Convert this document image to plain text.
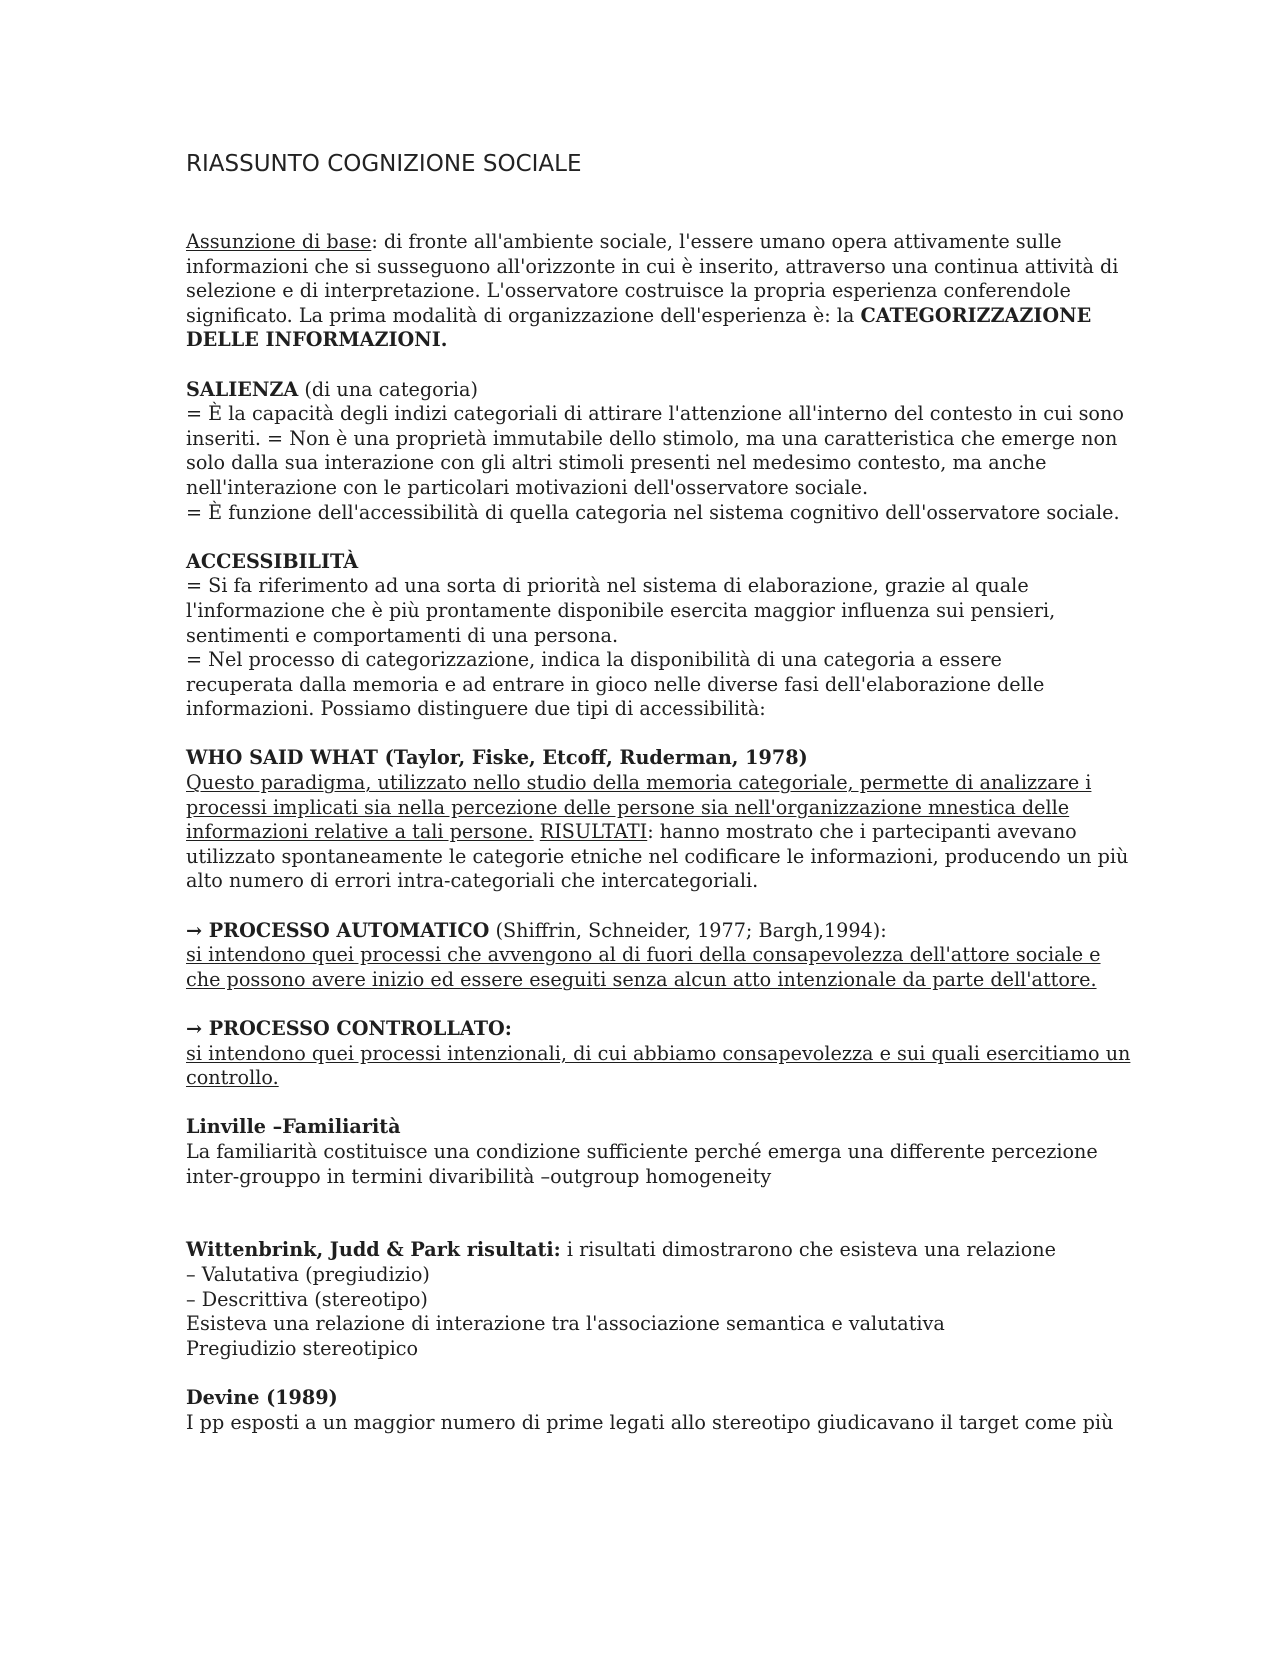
RIASSUNTO COGNIZIONE SOCIALE
Assunzione di base: di fronte all'ambiente sociale, l'essere umano opera attivamente sulle
informazioni che si susseguono all'orizzonte in cui è inserito, attraverso una continua attività di
selezione e di interpretazione. L'osservatore costruisce la propria esperienza conferendole
significato. La prima modalità di organizzazione dell'esperienza è: la CATEGORIZZAZIONE
DELLE INFORMAZIONI.
SALIENZA (di una categoria)
= È la capacità degli indizi categoriali di attirare l'attenzione all'interno del contesto in cui sono
inseriti. = Non è una proprietà immutabile dello stimolo, ma una caratteristica che emerge non
solo dalla sua interazione con gli altri stimoli presenti nel medesimo contesto, ma anche
nell'interazione con le particolari motivazioni dell'osservatore sociale.
= È funzione dell'accessibilità di quella categoria nel sistema cognitivo dell'osservatore sociale.
ACCESSIBILITÀ
= Si fa riferimento ad una sorta di priorità nel sistema di elaborazione, grazie al quale
l'informazione che è più prontamente disponibile esercita maggior influenza sui pensieri,
sentimenti e comportamenti di una persona.
= Nel processo di categorizzazione, indica la disponibilità di una categoria a essere
recuperata dalla memoria e ad entrare in gioco nelle diverse fasi dell'elaborazione delle
informazioni. Possiamo distinguere due tipi di accessibilità:
WHO SAID WHAT (Taylor, Fiske, Etcoff, Ruderman, 1978)
Questo paradigma, utilizzato nello studio della memoria categoriale, permette di analizzare i
processi implicati sia nella percezione delle persone sia nell'organizzazione mnestica delle
informazioni relative a tali persone. RISULTATI: hanno mostrato che i partecipanti avevano
utilizzato spontaneamente le categorie etniche nel codificare le informazioni, producendo un più
alto numero di errori intra-categoriali che intercategoriali.
→ PROCESSO AUTOMATICO (Shiffrin, Schneider, 1977; Bargh,1994):
si intendono quei processi che avvengono al di fuori della consapevolezza dell'attore sociale e
che possono avere inizio ed essere eseguiti senza alcun atto intenzionale da parte dell'attore.
→ PROCESSO CONTROLLATO:
si intendono quei processi intenzionali, di cui abbiamo consapevolezza e sui quali esercitiamo un
controllo.
Linville –Familiarità
La familiarità costituisce una condizione sufficiente perché emerga una differente percezione
inter-grouppo in termini divaribilità –outgroup homogeneity
Wittenbrink, Judd & Park risultati: i risultati dimostrarono che esisteva una relazione
– Valutativa (pregiudizio)
– Descrittiva (stereotipo)
Esisteva una relazione di interazione tra l'associazione semantica e valutativa
Pregiudizio stereotipico
Devine (1989)
I pp esposti a un maggior numero di prime legati allo stereotipo giudicavano il target come più
